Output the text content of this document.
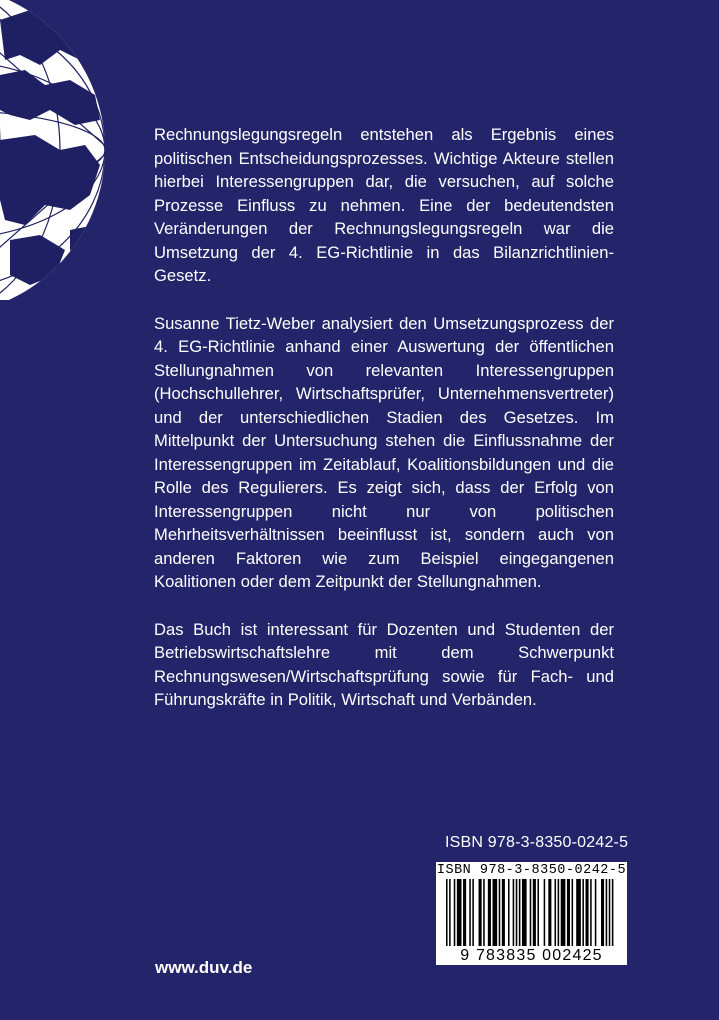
Rechnungslegungsregeln entstehen als Ergebnis eines politischen Entscheidungsprozesses. Wichtige Akteure stellen hierbei Interessengruppen dar, die versuchen, auf solche Prozesse Einfluss zu nehmen. Eine der bedeutendsten Veränderungen der Rechnungslegungsregeln war die Umsetzung der 4. EG-Richtlinie in das Bilanzrichtlinien-Gesetz.

Susanne Tietz-Weber analysiert den Umsetzungsprozess der 4. EG-Richtlinie anhand einer Auswertung der öffentlichen Stellungnahmen von relevanten Interessengruppen (Hochschullehrer, Wirtschaftsprüfer, Unternehmensvertreter) und der unterschiedlichen Stadien des Gesetzes. Im Mittelpunkt der Untersuchung stehen die Einflussnahme der Interessengruppen im Zeitablauf, Koalitionsbildungen und die Rolle des Regulierers. Es zeigt sich, dass der Erfolg von Interessengruppen nicht nur von politischen Mehrheitsverhältnissen beeinflusst ist, sondern auch von anderen Faktoren wie zum Beispiel eingegangenen Koalitionen oder dem Zeitpunkt der Stellungnahmen.

Das Buch ist interessant für Dozenten und Studenten der Betriebswirtschaftslehre mit dem Schwerpunkt Rechnungswesen/Wirtschaftsprüfung sowie für Fach- und Führungskräfte in Politik, Wirtschaft und Verbänden.

ISBN 978-3-8350-0242-5
ISBN 978-3-8350-0242-5
9 783835 002425
www.duv.de
